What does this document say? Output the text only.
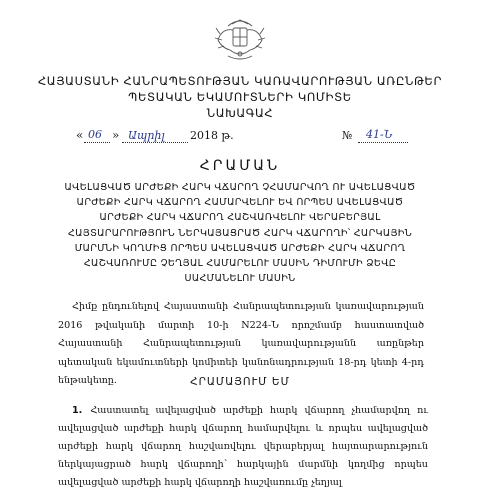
ՀԱՅԱՍՏԱՆԻ ՀԱՆՐԱՊԵՏՈՒԹՅԱՆ ԿԱՌԱՎԱՐՈՒԹՅԱՆ ԱՌԸՆԹԵՐ
ՊԵՏԱԿԱՆ ԵԿԱՄՈՒՏՆԵՐԻ ԿՈՄԻՏԵ
ՆԱԽԱԳԱՀ
« 06 » Ապրիլ 2018 թ.	№ 41-Ն
ՀՐԱՄԱՆ
ԱՎԵԼԱՑՎԱԾ ԱՐԺԵՔԻ ՀԱՐԿ ՎՃԱՐՈՂ ՉՀԱՄԱՐՎՈՂ ՈՒ ԱՎԵԼԱՑՎԱԾ ԱՐԺԵՔԻ ՀԱՐԿ ՎՃԱՐՈՂ ՀԱՄԱՐՎԵԼՈՒ ԵՎ ՈՐՊԵՍ ԱՎԵԼԱՑՎԱԾ ԱՐԺԵՔԻ ՀԱՐԿ ՎՃԱՐՈՂ ՀԱՇՎԱՌՎԵԼՈՒ ՎԵՐԱԲԵՐՅԱԼ ՀԱՅՏԱՐԱՐՈՒԹՅՈՒՆ ՆԵՐԿԱՅԱՑՐԱԾ ՀԱՐԿ ՎՃԱՐՈՂԻ՝ ՀԱՐԿԱՅԻՆ ՄԱՐՄՆԻ ԿՈՂՄԻՑ ՈՐՊԵՍ ԱՎԵԼԱՑՎԱԾ ԱՐԺԵՔԻ ՀԱՐԿ ՎՃԱՐՈՂ ՀԱՇՎԱՌՈՒՄԸ ՉԵՂՅԱԼ ՀԱՄԱՐԵԼՈՒ ՄԱՍԻՆ ԴԻՄՈՒՄԻ ՁԵՎԸ ՍԱՀՄԱՆԵԼՈՒ ՄԱՍԻՆ
Հիմք ընդունելով Հայաստանի Հանրապետության կառավարության 2016 թվականի մարտի 10-ի N224-Ն որոշմամբ հաստատված Հայաստանի Հանրապետության կառավարությանն առընթեր պետական եկամուտների կոմիտեի կանոնադրության 18-րդ կետի 4-րդ ենթակետը.	ՀՐԱՄԱՅՈՒՄ ԵՄ
1. Հաստատել ավելացված արժեքի հարկ վճարող չհամարվող ու ավելացված արժեքի հարկ վճարող համարվելու և որպես ավելացված արժեքի հարկ վճարող հաշվառվելու վերաբերյալ հայտարարություն ներկայացրած հարկ վճարողի՝ հարկային մարմնի կողմից որպես ավելացված արժեքի հարկ վճարողի հաշվառումը չեղյալ
